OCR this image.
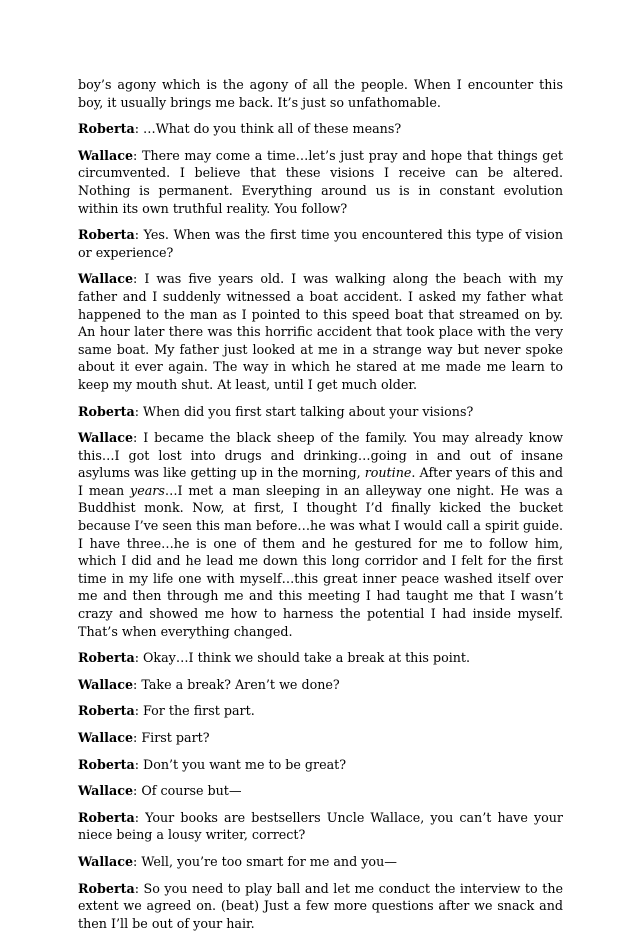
boy’s agony which is the agony of all the people. When I encounter this boy, it usually brings me back. It’s just so unfathomable.

Roberta: …What do you think all of these means?

Wallace: There may come a time…let’s just pray and hope that things get circumvented. I believe that these visions I receive can be altered. Nothing is permanent. Everything around us is in constant evolution within its own truthful reality. You follow?

Roberta: Yes. When was the first time you encountered this type of vision or experience?

Wallace: I was five years old. I was walking along the beach with my father and I suddenly witnessed a boat accident. I asked my father what happened to the man as I pointed to this speed boat that streamed on by. An hour later there was this horrific accident that took place with the very same boat. My father just looked at me in a strange way but never spoke about it ever again. The way in which he stared at me made me learn to keep my mouth shut. At least, until I get much older.

Roberta: When did you first start talking about your visions?

Wallace: I became the black sheep of the family. You may already know this…I got lost into drugs and drinking…going in and out of insane asylums was like getting up in the morning, routine. After years of this and I mean years…I met a man sleeping in an alleyway one night. He was a Buddhist monk. Now, at first, I thought I’d finally kicked the bucket because I’ve seen this man before…he was what I would call a spirit guide. I have three…he is one of them and he gestured for me to follow him, which I did and he lead me down this long corridor and I felt for the first time in my life one with myself…this great inner peace washed itself over me and then through me and this meeting I had taught me that I wasn’t crazy and showed me how to harness the potential I had inside myself. That’s when everything changed.

Roberta: Okay…I think we should take a break at this point.

Wallace: Take a break? Aren’t we done?

Roberta: For the first part.

Wallace: First part?

Roberta: Don’t you want me to be great?

Wallace: Of course but—

Roberta: Your books are bestsellers Uncle Wallace, you can’t have your niece being a lousy writer, correct?

Wallace: Well, you’re too smart for me and you—

Roberta: So you need to play ball and let me conduct the interview to the extent we agreed on. (beat) Just a few more questions after we snack and then I’ll be out of your hair.
